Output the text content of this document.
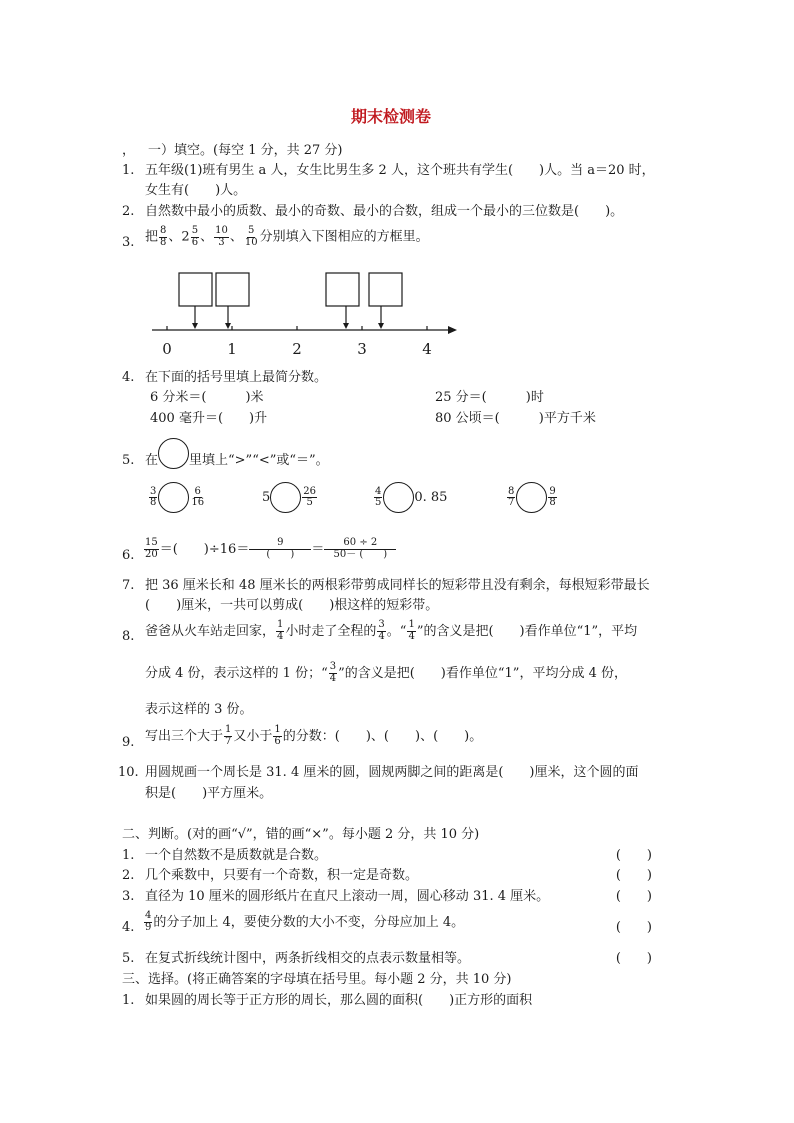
期末检测卷
， 一）填空。(每空 1 分，共 27 分)
1. 五年级(1)班有男生 a 人，女生比男生多 2 人，这个班共有学生(　　)人。当 a＝20 时，
女生有(　　)人。
2. 自然数中最小的质数、最小的奇数、最小的合数，组成一个最小的三位数是(　　)。
3. 把 $\frac{8}{8}$ 、$2 \frac{5}{6}$ 、 $\frac{10}{3}$ 、 $\frac{5}{10}$ 分别填入下图相应的方框里。
0	1	2	3	4
4. 在下面的括号里填上最简分数。
6 分米＝(　　　)米	25 分＝(　　　)时
400 毫升＝(　　)升	80 公顷＝(　　　)平方千米
5. 在 里填上“>”“<”或“＝”。
3
8
6
16	5	26
5
4
5	0. 85	8
7
9
8
6.
15
20 ＝(　　)÷16＝	9
(　　) ＝	60 ÷ 2
50－ (　　)
7. 把 36 厘米长和 48 厘米长的两根彩带剪成同样长的短彩带且没有剩余，每根短彩带最长
(　　)厘米，一共可以剪成(　　)根这样的短彩带。
8. 爸爸从火车站走回家， 1
4 小时走了全程的 3
4 。“ 1
4 ”的含义是把(　　)看作单位“1”，平均
分成 4 份，表示这样的 1 份；“ 3
4 ”的含义是把(　　)看作单位“1”，平均分成 4 份，
表示这样的 3 份。
9. 写出三个大于 1
7 又小于 1
6 的分数：(　　)、(　　)、(　　)。
10. 用圆规画一个周长是 31. 4 厘米的圆，圆规两脚之间的距离是(　　)厘米，这个圆的面
积是(　　)平方厘米。
二、判断。(对的画“√”，错的画“×”。每小题 2 分，共 10 分)
1. 一个自然数不是质数就是合数。	(　　)
2. 几个乘数中，只要有一个奇数，积一定是奇数。	(　　)
3. 直径为 10 厘米的圆形纸片在直尺上滚动一周，圆心移动 31. 4 厘米。	(　　)
4.
4
9 的分子加上 4，要使分数的大小不变，分母应加上 4。	(　　)
5. 在复式折线统计图中，两条折线相交的点表示数量相等。	(　　)
三、选择。(将正确答案的字母填在括号里。每小题 2 分，共 10 分)
1. 如果圆的周长等于正方形的周长，那么圆的面积(　　)正方形的面积
